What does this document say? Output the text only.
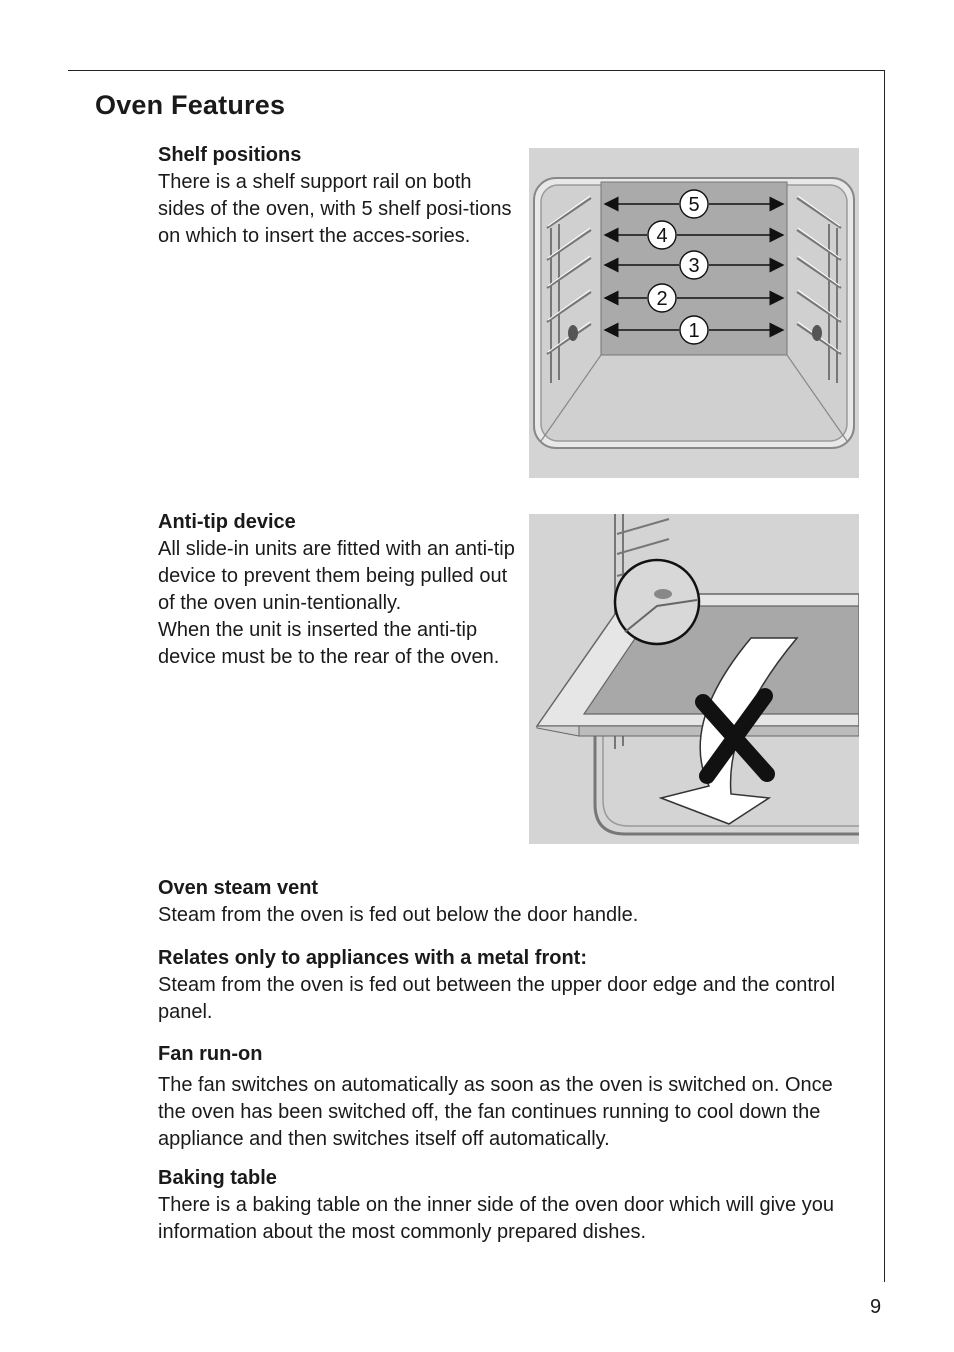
Oven Features
Shelf positions

There is a shelf support rail on both sides of the oven, with 5 shelf posi-tions on which to insert the acces-sories.

5
4
3
2
1
Anti-tip device

All slide-in units are fitted with an anti-tip device to prevent them being pulled out of the oven unin-tentionally.

When the unit is inserted the anti-tip device must be to the rear of the oven.

Oven steam vent

Steam from the oven is fed out below the door handle.

Relates only to appliances with a metal front:

Steam from the oven is fed out between the upper door edge and the control panel.

Fan run-on

The fan switches on automatically as soon as the oven is switched on. Once the oven has been switched off, the fan continues running to cool down the appliance and then switches itself off automatically.

Baking table

There is a baking table on the inner side of the oven door which will give you information about the most commonly prepared dishes.

9
